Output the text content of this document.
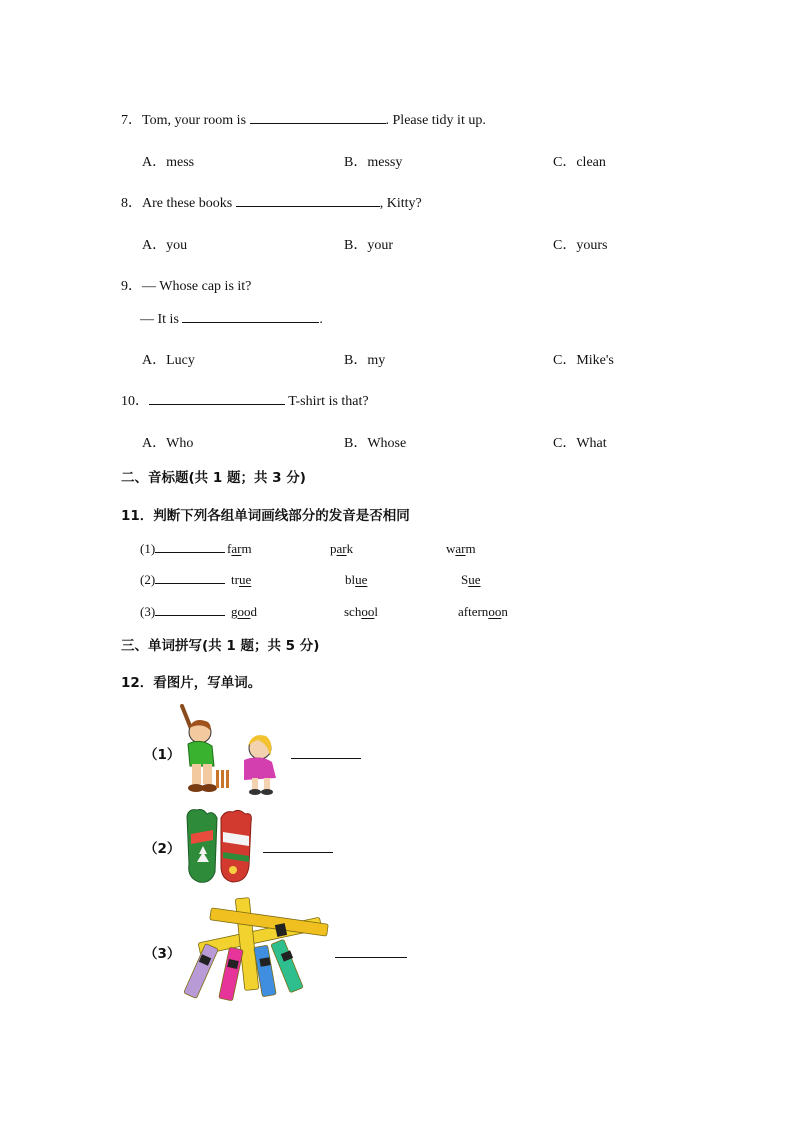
7．Tom, your room is	. Please tidy it up.
A．mess	B．messy	C．clean
8．Are these books	, Kitty?
A．you	B．your	C．yours
9．— Whose cap is it?
— It is	.
A．Lucy	B．my	C．Mike's
10．	T-shirt is that?
A．Who	B．Whose	C．What
二、音标题(共 1 题；共 3 分)
11．判断下列各组单词画线部分的发音是否相同
(1)	farm	park	warm
(2)	true	blue	Sue
(3)	good	school	afternoon
三、单词拼写(共 1 题；共 5 分)
12．看图片，写单词。
（1）
（2）
（3）
